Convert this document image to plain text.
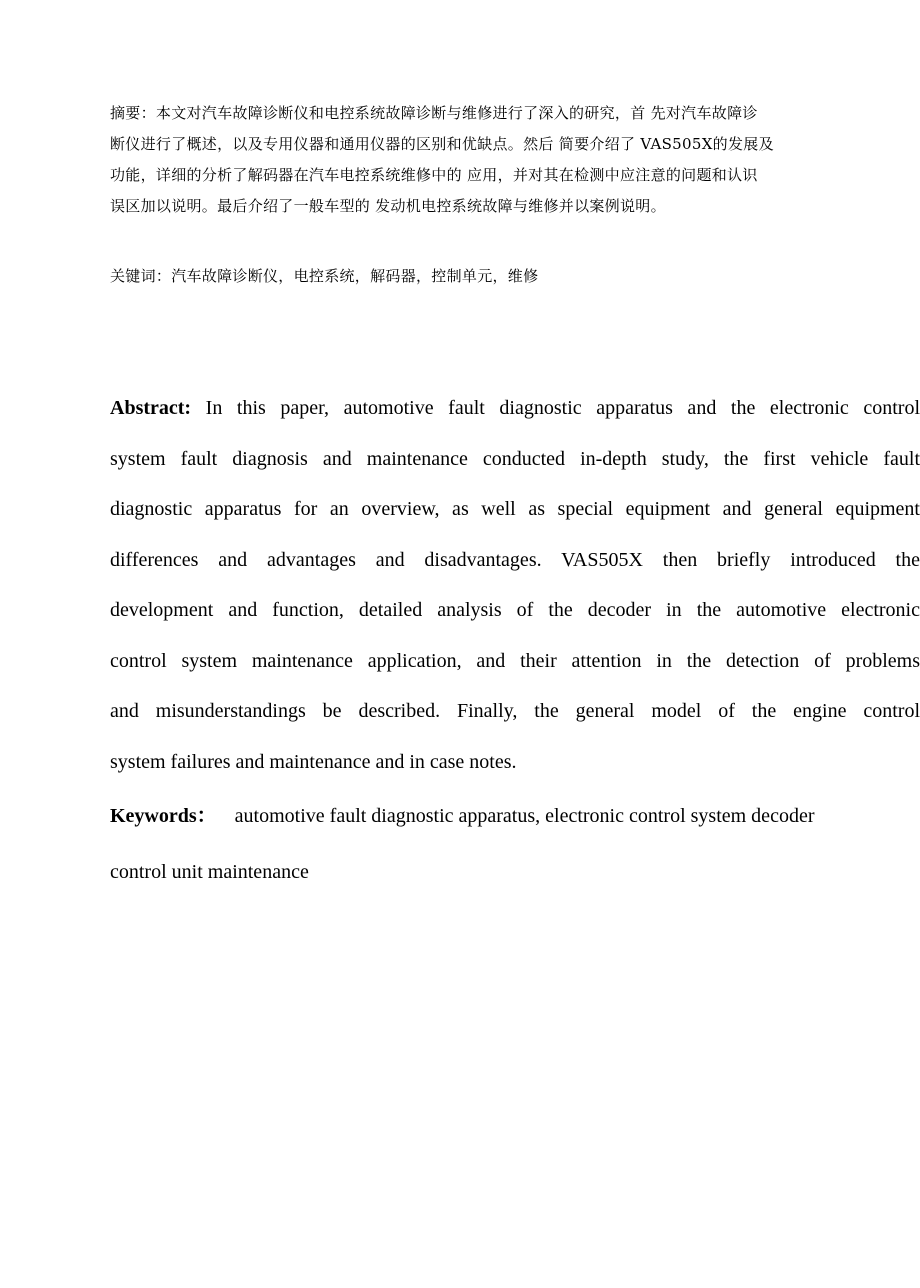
摘要：本文对汽车故障诊断仪和电控系统故障诊断与维修进行了深入的研究，首 先对汽车故障诊
断仪进行了概述，以及专用仪器和通用仪器的区别和优缺点。然后 简要介绍了 VAS505X的发展及
功能，详细的分析了解码器在汽车电控系统维修中的 应用，并对其在检测中应注意的问题和认识
误区加以说明。最后介绍了一般车型的 发动机电控系统故障与维修并以案例说明。
关键词：汽车故障诊断仪，电控系统，解码器，控制单元，维修
Abstract: In this paper, automotive fault diagnostic apparatus and the electronic control
system fault diagnosis and maintenance conducted in-depth study, the first vehicle fault
diagnostic apparatus for an overview, as well as special equipment and general equipment
differences and advantages and disadvantages. VAS505X then briefly introduced the
development and function, detailed analysis of the decoder in the automotive electronic
control system maintenance application, and their attention in the detection of problems
and misunderstandings be described. Finally, the general model of the engine control
system failures and maintenance and in case notes.
Keywords： automotive fault diagnostic apparatus, electronic control system decoder
control unit maintenance
